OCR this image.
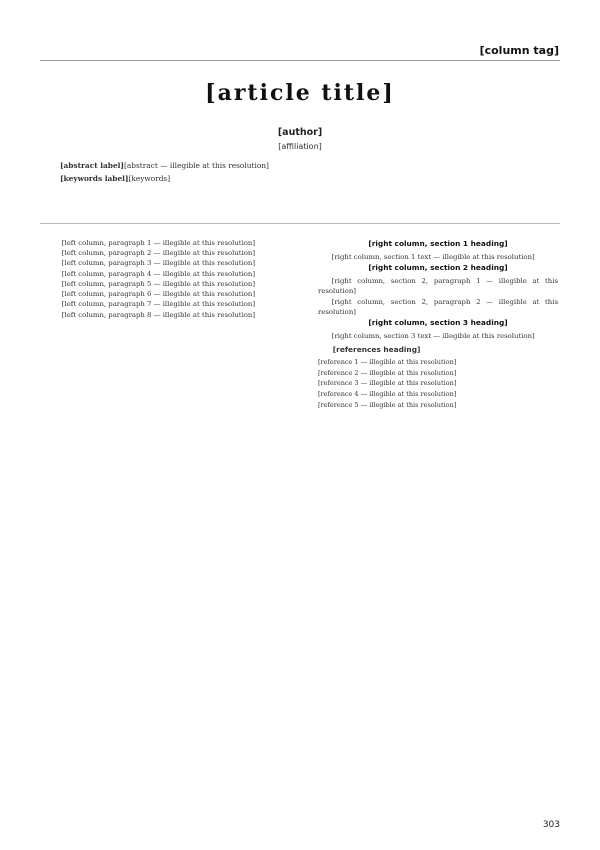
[column tag]
[article title]
[author]
[affiliation]
[abstract label][abstract — illegible at this resolution]
[keywords label][keywords]

[left column, paragraph 1 — illegible at this resolution]

[left column, paragraph 2 — illegible at this resolution]

[left column, paragraph 3 — illegible at this resolution]

[left column, paragraph 4 — illegible at this resolution]

[left column, paragraph 5 — illegible at this resolution]

[left column, paragraph 6 — illegible at this resolution]

[left column, paragraph 7 — illegible at this resolution]

[left column, paragraph 8 — illegible at this resolution]

[right column, section 1 heading]

[right column, section 1 text — illegible at this resolution]

[right column, section 2 heading]

[right column, section 2, paragraph 1 — illegible at this resolution]

[right column, section 2, paragraph 2 — illegible at this resolution]

[right column, section 3 heading]

[right column, section 3 text — illegible at this resolution]

[references heading]
[reference 1 — illegible at this resolution]
[reference 2 — illegible at this resolution]
[reference 3 — illegible at this resolution]
[reference 4 — illegible at this resolution]
[reference 5 — illegible at this resolution]
303
